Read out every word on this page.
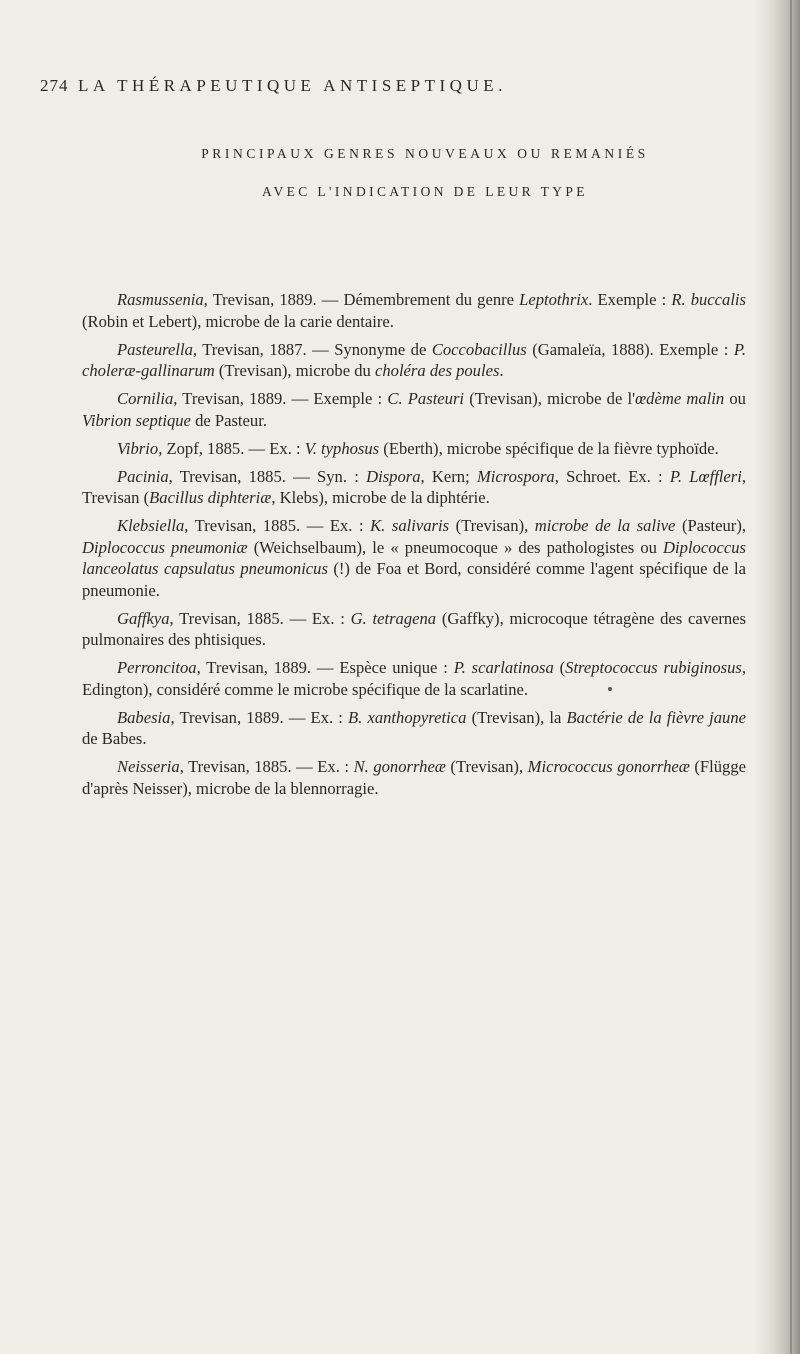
274 LA THÉRAPEUTIQUE ANTISEPTIQUE.
PRINCIPAUX GENRES NOUVEAUX OU REMANIÉS
AVEC L'INDICATION DE LEUR TYPE

Rasmussenia, Trevisan, 1889. — Démembrement du genre Leptothrix. Exemple : R. buccalis (Robin et Lebert), microbe de la carie dentaire.

Pasteurella, Trevisan, 1887. — Synonyme de Coccobacillus (Gamaleïa, 1888). Exemple : P. choleræ-gallinarum (Trevisan), microbe du choléra des poules.

Cornilia, Trevisan, 1889. — Exemple : C. Pasteuri (Trevisan), microbe de l'œdème malin ou Vibrion septique de Pasteur.

Vibrio, Zopf, 1885. — Ex. : V. typhosus (Eberth), microbe spécifique de la fièvre typhoïde.

Pacinia, Trevisan, 1885. — Syn. : Dispora, Kern; Microspora, Schroet. Ex. : P. Lœffleri, Trevisan (Bacillus diphteriæ, Klebs), microbe de la diphtérie.

Klebsiella, Trevisan, 1885. — Ex. : K. salivaris (Trevisan), microbe de la salive (Pasteur), Diplococcus pneumoniæ (Weichselbaum), le « pneumocoque » des pathologistes ou Diplococcus lanceolatus capsulatus pneumonicus (!) de Foa et Bord, considéré comme l'agent spécifique de la pneumonie.

Gaffkya, Trevisan, 1885. — Ex. : G. tetragena (Gaffky), microcoque tétragène des cavernes pulmonaires des phtisiques.

Perroncitoa, Trevisan, 1889. — Espèce unique : P. scarlatinosa (Streptococcus rubiginosus, Edington), considéré comme le microbe spécifique de la scarlatine.

Babesia, Trevisan, 1889. — Ex. : B. xanthopyretica (Trevisan), la Bactérie de la fièvre jaune de Babes.

Neisseria, Trevisan, 1885. — Ex. : N. gonorrheæ (Trevisan), Micrococcus gonorrheæ (Flügge d'après Neisser), microbe de la blennorragie.
